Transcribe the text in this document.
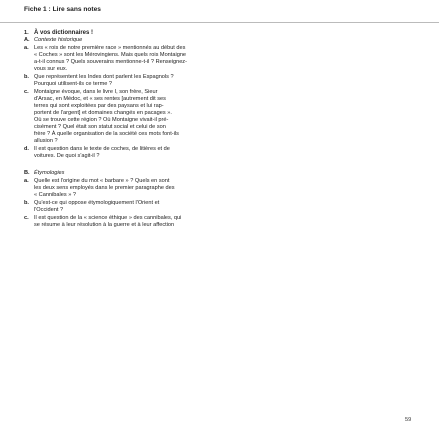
Fiche 1 : Lire sans notes
1. À vos dictionnaires !
A. Contexte historique
a. Les « rois de notre première race » mentionnés au début des
« Coches » sont les Mérovingiens. Mais quels rois Montaigne
a-t-il connus ? Quels souverains mentionne-t-il ? Renseignez-
vous sur eux.
b. Que représentent les Indes dont parlent les Espagnols ?
Pourquoi utilisent-ils ce terme ?
c. Montaigne évoque, dans le livre I, son frère, Sieur
d'Arsac, en Médoc, et « ses rentes [autrement dit ses
terres qui sont exploitées par des paysans et lui rap-
portent de l'argent] et domaines changés en pacages ».
Où se trouve cette région ? Où Montaigne vivait-il pré-
cisément ? Quel était son statut social et celui de son
frère ? À quelle organisation de la société ces mots font-ils
allusion ?
d. Il est question dans le texte de coches, de litières et de
voitures. De quoi s'agit-il ?
B. Étymologies
a. Quelle est l'origine du mot « barbare » ? Quels en sont
les deux sens employés dans le premier paragraphe des
« Cannibales » ?
b. Qu'est-ce qui oppose étymologiquement l'Orient et
l'Occident ?
c. Il est question de la « science éthique » des cannibales, qui
se résume à leur résolution à la guerre et à leur affection
59
